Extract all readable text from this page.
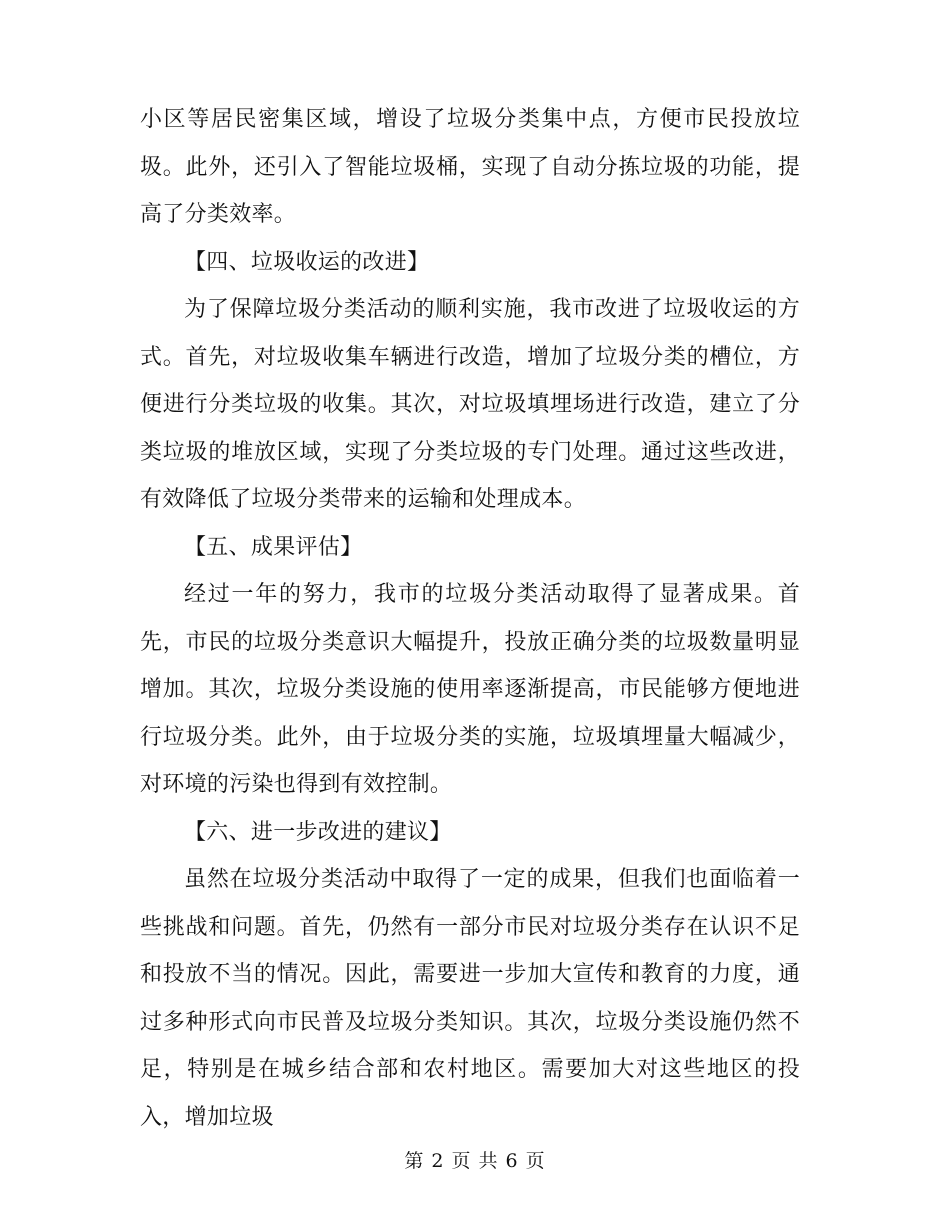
小区等居民密集区域，增设了垃圾分类集中点，方便市民投放垃圾。此外，还引入了智能垃圾桶，实现了自动分拣垃圾的功能，提高了分类效率。

【四、垃圾收运的改进】

为了保障垃圾分类活动的顺利实施，我市改进了垃圾收运的方式。首先，对垃圾收集车辆进行改造，增加了垃圾分类的槽位，方便进行分类垃圾的收集。其次，对垃圾填埋场进行改造，建立了分类垃圾的堆放区域，实现了分类垃圾的专门处理。通过这些改进，有效降低了垃圾分类带来的运输和处理成本。

【五、成果评估】

经过一年的努力，我市的垃圾分类活动取得了显著成果。首先，市民的垃圾分类意识大幅提升，投放正确分类的垃圾数量明显增加。其次，垃圾分类设施的使用率逐渐提高，市民能够方便地进行垃圾分类。此外，由于垃圾分类的实施，垃圾填埋量大幅减少，对环境的污染也得到有效控制。

【六、进一步改进的建议】

虽然在垃圾分类活动中取得了一定的成果，但我们也面临着一些挑战和问题。首先，仍然有一部分市民对垃圾分类存在认识不足和投放不当的情况。因此，需要进一步加大宣传和教育的力度，通过多种形式向市民普及垃圾分类知识。其次，垃圾分类设施仍然不足，特别是在城乡结合部和农村地区。需要加大对这些地区的投入，增加垃圾

第 2 页 共 6 页
